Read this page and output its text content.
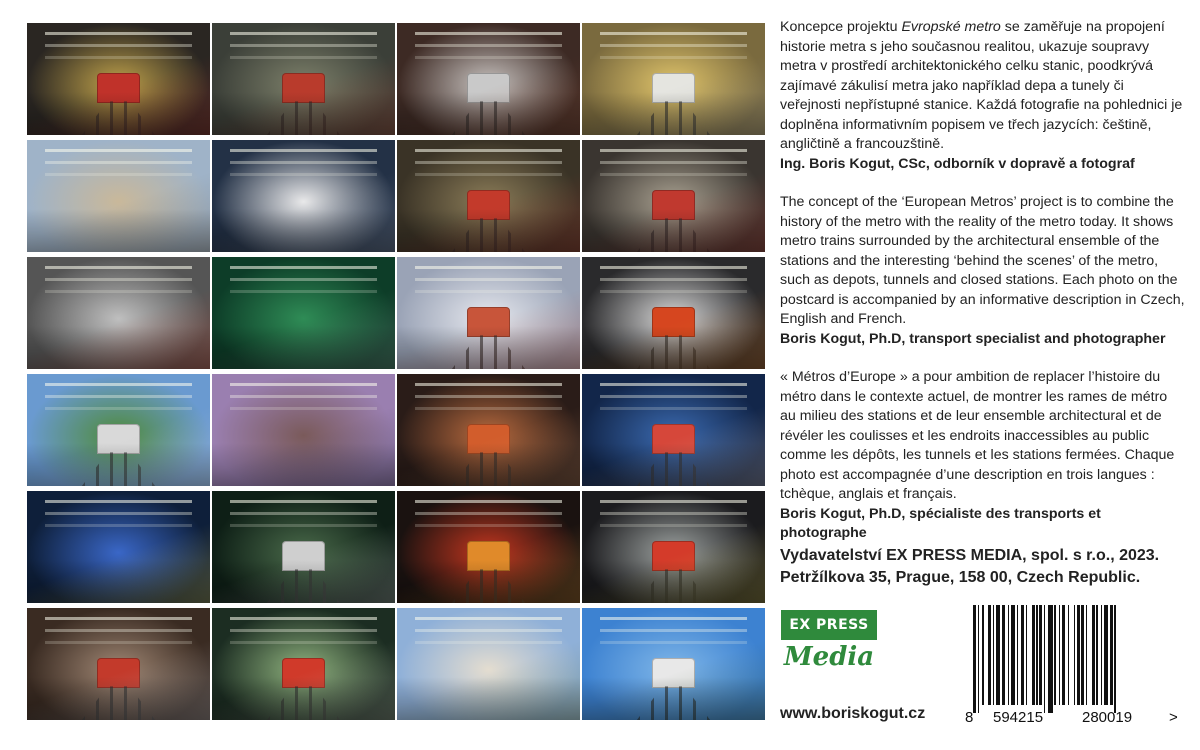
Koncepce projektu Evropské metro se zaměřuje na propojení historie metra s jeho současnou realitou, ukazuje soupravy metra v prostředí architektonického celku stanic, poodkrývá zajímavé zákulisí metra jako například depa a tunely či veřejnosti nepřístupné stanice. Každá fotografie na pohlednici je doplněna informativním popisem ve třech jazycích: češtině, angličtině a francouzštině.
Ing. Boris Kogut, CSc, odborník v dopravě a fotograf

The concept of the ‘European Metros’ project is to combine the history of the metro with the reality of the metro today. It shows metro trains surrounded by the architectural ensemble of the stations and the interesting ‘behind the scenes’ of the metro, such as depots, tunnels and closed stations. Each photo on the postcard is accompanied by an informative description in Czech, English and French.
Boris Kogut, Ph.D, transport specialist and photographer

« Métros d’Europe » a pour ambition de replacer l’histoire du métro dans le contexte actuel, de montrer les rames de métro au milieu des stations et de leur ensemble architectural et de révéler les coulisses et les endroits inaccessibles au public comme les dépôts, les tunnels et les stations fermées. Chaque photo est accompagnée d’une description en trois langues : tchèque, anglais et français.
Boris Kogut, Ph.D, spécialiste des transports et photographe

Vydavatelství EX PRESS MEDIA, spol. s r.o., 2023.
Petržílkova 35, Prague, 158 00, Czech Republic.
EX PRESS
Media
www.boriskogut.cz	8 594215	280019 >
